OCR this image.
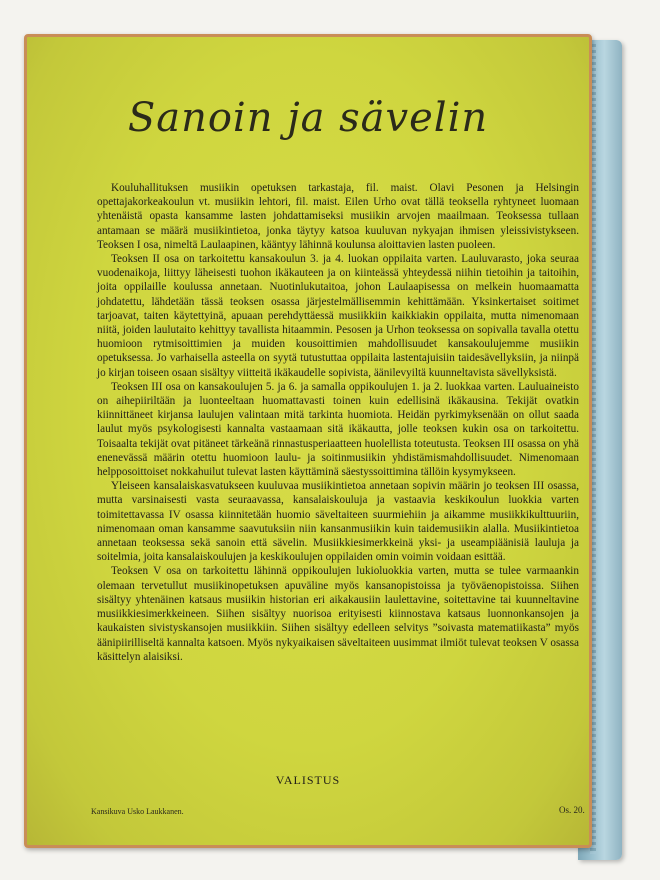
Sanoin ja sävelin

Kouluhallituksen musiikin opetuksen tarkastaja, fil. maist. Olavi Pesonen ja Helsingin opettajakorkeakoulun vt. musiikin lehtori, fil. maist. Eilen Urho ovat tällä teoksella ryhtyneet luomaan yhtenäistä opasta kansamme lasten johdattamiseksi musiikin arvojen maailmaan. Teoksessa tullaan antamaan se määrä musiikintietoa, jonka täytyy katsoa kuuluvan nykyajan ihmisen yleissivistykseen. Teoksen I osa, nimeltä Laulaapinen, kääntyy lähinnä koulunsa aloittavien lasten puoleen.

Teoksen II osa on tarkoitettu kansakoulun 3. ja 4. luokan oppilaita varten. Lauluvarasto, joka seuraa vuodenaikoja, liittyy läheisesti tuohon ikäkauteen ja on kiinteässä yhteydessä niihin tietoihin ja taitoihin, joita oppilaille koulussa annetaan. Nuotinlukutaitoa, johon Laulaapisessa on melkein huomaamatta johdatettu, lähdetään tässä teoksen osassa järjestelmällisemmin kehittämään. Yksinkertaiset soitimet tarjoavat, taiten käytettyinä, apuaan perehdyttäessä musiikkiin kaikkiakin oppilaita, mutta nimenomaan niitä, joiden laulutaito kehittyy tavallista hitaammin. Pesosen ja Urhon teoksessa on sopivalla tavalla otettu huomioon rytmisoittimien ja muiden kousoittimien mahdollisuudet kansakoulujemme musiikin opetuksessa. Jo varhaisella asteella on syytä tutustuttaa oppilaita lastentajuisiin taidesävellyksiin, ja niinpä jo kirjan toiseen osaan sisältyy viitteitä ikäkaudelle sopivista, äänilevyiltä kuunneltavista sävellyksistä.

Teoksen III osa on kansakoulujen 5. ja 6. ja samalla oppikoulujen 1. ja 2. luokkaa varten. Lauluaineisto on aihepiiriltään ja luonteeltaan huomattavasti toinen kuin edellisinä ikäkausina. Tekijät ovatkin kiinnittäneet kirjansa laulujen valintaan mitä tarkinta huomiota. Heidän pyrkimyksenään on ollut saada laulut myös psykologisesti kannalta vastaamaan sitä ikäkautta, jolle teoksen kukin osa on tarkoitettu. Toisaalta tekijät ovat pitäneet tärkeänä rinnastusperiaatteen huolellista toteutusta. Teoksen III osassa on yhä enenevässä määrin otettu huomioon laulu- ja soitinmusiikin yhdistämismahdollisuudet. Nimenomaan helpposoittoiset nokkahuilut tulevat lasten käyttäminä säestyssoittimina tällöin kysymykseen.

Yleiseen kansalaiskasvatukseen kuuluvaa musiikintietoa annetaan sopivin määrin jo teoksen III osassa, mutta varsinaisesti vasta seuraavassa, kansalaiskouluja ja vastaavia keskikoulun luokkia varten toimitettavassa IV osassa kiinnitetään huomio säveltaiteen suurmiehiin ja aikamme musiikkikulttuuriin, nimenomaan oman kansamme saavutuksiin niin kansanmusiikin kuin taidemusiikin alalla. Musiikintietoa annetaan teoksessa sekä sanoin että sävelin. Musiikkiesimerkkeinä yksi- ja useampiäänisiä lauluja ja soitelmia, joita kansalaiskoulujen ja keskikoulujen oppilaiden omin voimin voidaan esittää.

Teoksen V osa on tarkoitettu lähinnä oppikoulujen lukioluokkia varten, mutta se tulee varmaankin olemaan tervetullut musiikinopetuksen apuväline myös kansanopistoissa ja työväenopistoissa. Siihen sisältyy yhtenäinen katsaus musiikin historian eri aikakausiin laulettavine, soitettavine tai kuunneltavine musiikkiesimerkkeineen. Siihen sisältyy nuorisoa erityisesti kiinnostava katsaus luonnonkansojen ja kaukaisten sivistyskansojen musiikkiin. Siihen sisältyy edelleen selvitys ”soivasta matematiikasta” myös äänipiirilliseltä kannalta katsoen. Myös nykyaikaisen säveltaiteen uusimmat ilmiöt tulevat teoksen V osassa käsittelyn alaisiksi.

VALISTUS
Kansikuva Usko Laukkanen.	Os. 20.
